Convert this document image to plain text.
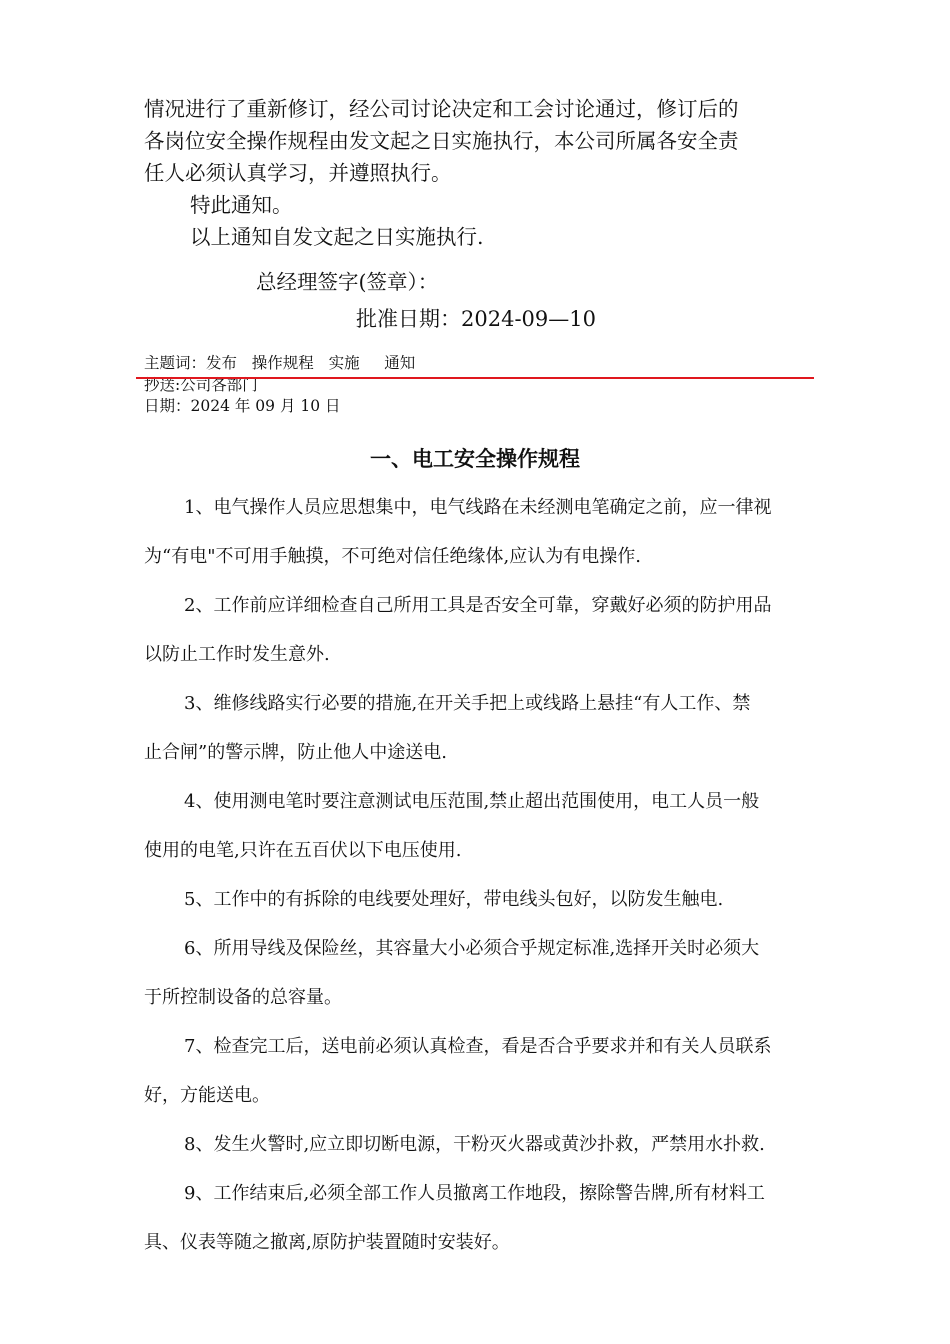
情况进行了重新修订，经公司讨论决定和工会讨论通过，修订后的
各岗位安全操作规程由发文起之日实施执行，本公司所属各安全责
任人必须认真学习，并遵照执行。

特此通知。

以上通知自发文起之日实施执行.

总经理签字(签章）：

批准日期：2024-09—10

主题词：发布   操作规程   实施     通知

抄送:公司各部门

日期：2024 年 09 月 10 日

一、电工安全操作规程
1、电气操作人员应思想集中，电气线路在未经测电笔确定之前，应一律视
为“有电"不可用手触摸，不可绝对信任绝缘体,应认为有电操作.
2、工作前应详细检查自己所用工具是否安全可靠，穿戴好必须的防护用品
以防止工作时发生意外.
3、维修线路实行必要的措施,在开关手把上或线路上悬挂“有人工作、禁
止合闸”的警示牌，防止他人中途送电.
4、使用测电笔时要注意测试电压范围,禁止超出范围使用，电工人员一般
使用的电笔,只许在五百伏以下电压使用.
5、工作中的有拆除的电线要处理好，带电线头包好，以防发生触电.
6、所用导线及保险丝，其容量大小必须合乎规定标准,选择开关时必须大
于所控制设备的总容量。
7、检查完工后，送电前必须认真检查，看是否合乎要求并和有关人员联系
好，方能送电。
8、发生火警时,应立即切断电源，干粉灭火器或黄沙扑救，严禁用水扑救.
9、工作结束后,必须全部工作人员撤离工作地段，擦除警告牌,所有材料工
具、仪表等随之撤离,原防护装置随时安装好。
